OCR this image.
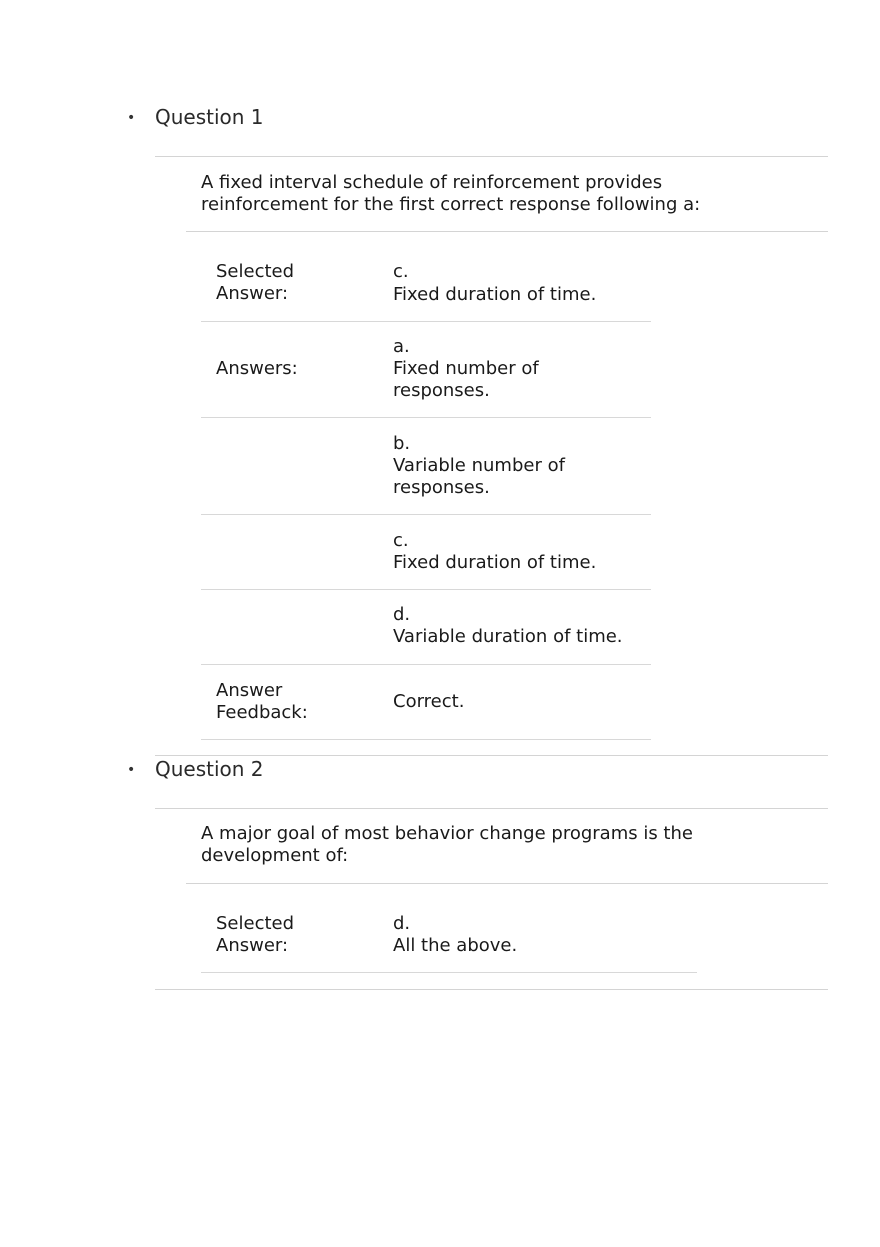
• Question 1
A fixed interval schedule of reinforcement provides reinforcement for the first correct response following a:
Selected Answer:
c.
Fixed duration of time.
Answers:
a.
Fixed number of responses.
b.
Variable number of responses.
c.
Fixed duration of time.
d.
Variable duration of time.
Answer Feedback:
Correct.
• Question 2
A major goal of most behavior change programs is the development of:
Selected Answer:
d.
All the above.
